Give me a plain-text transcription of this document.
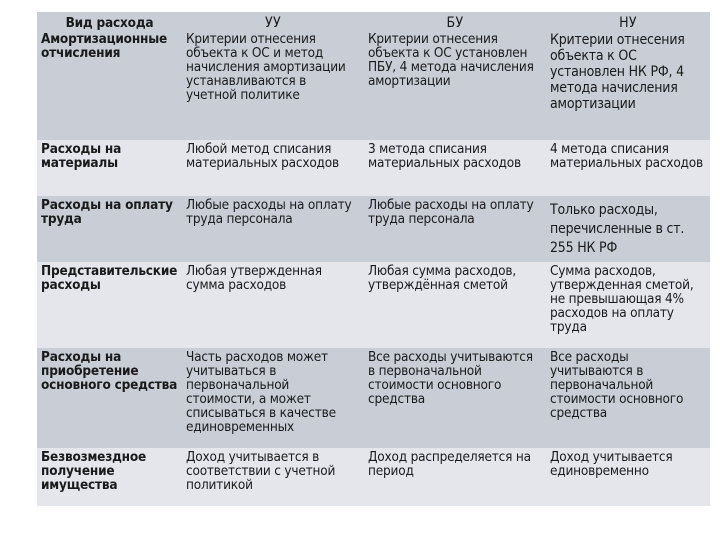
Вид расхода	УУ	БУ	НУ
Амортизационные отчисления	Критерии отнесения объекта к ОС и метод начисления амортизации устанавливаются в учетной политике	Критерии отнесения объекта к ОС установлен ПБУ, 4 метода начисления амортизации	Критерии отнесения объекта к ОС установлен НК РФ, 4 метода начисления амортизации
Расходы на материалы	Любой метод списания материальных расходов	3 метода списания материальных расходов	4 метода списания материальных расходов
Расходы на оплату труда	Любые расходы на оплату труда персонала	Любые расходы на оплату труда персонала	Только расходы, перечисленные в ст. 255 НК РФ
Представительские расходы	Любая утвержденная сумма расходов	Любая сумма расходов, утверждённая сметой	Сумма расходов, утвержденная сметой, не превышающая 4% расходов на оплату труда
Расходы на приобретение основного средства	Часть расходов может учитываться в первоначальной стоимости, а может списываться в качестве единовременных	Все расходы учитываются в первоначальной стоимости основного средства	Все расходы учитываются в первоначальной стоимости основного средства
Безвозмездное получение имущества	Доход учитывается в соответствии с учетной политикой	Доход распределяется на период	Доход учитывается единовременно
